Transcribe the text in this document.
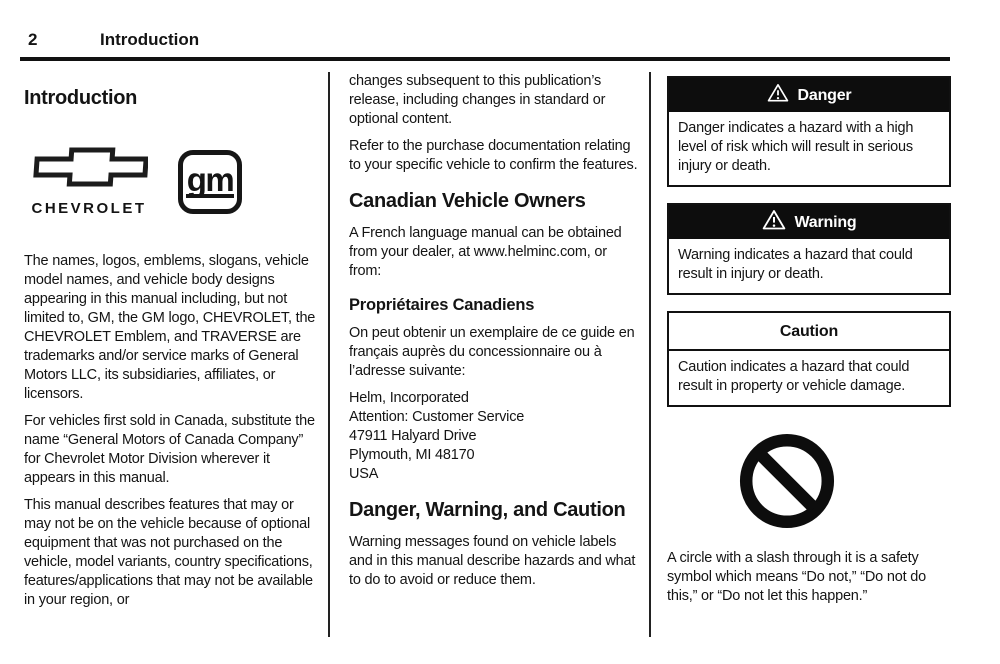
2	Introduction
Introduction
CHEVROLET
gm

The names, logos, emblems, slogans, vehicle model names, and vehicle body designs appearing in this manual including, but not limited to, GM, the GM logo, CHEVROLET, the CHEVROLET Emblem, and TRAVERSE are trademarks and/or service marks of General Motors LLC, its subsidiaries, affiliates, or licensors.

For vehicles first sold in Canada, substitute the name “General Motors of Canada Company” for Chevrolet Motor Division wherever it appears in this manual.

This manual describes features that may or may not be on the vehicle because of optional equipment that was not purchased on the vehicle, model variants, country specifications, features/applications that may not be available in your region, or

changes subsequent to this publication’s release, including changes in standard or optional content.

Refer to the purchase documentation relating to your specific vehicle to confirm the features.

Canadian Vehicle Owners

A French language manual can be obtained from your dealer, at www.helminc.com, or from:

Propriétaires Canadiens

On peut obtenir un exemplaire de ce guide en français auprès du concessionnaire ou à l’adresse suivante:

Helm, Incorporated
Attention: Customer Service
47911 Halyard Drive
Plymouth, MI 48170
USA
Danger, Warning, and Caution

Warning messages found on vehicle labels and in this manual describe hazards and what to do to avoid or reduce them.

Danger
Danger indicates a hazard with a high level of risk which will result in serious injury or death.
Warning
Warning indicates a hazard that could result in injury or death.
Caution
Caution indicates a hazard that could result in property or vehicle damage.
A circle with a slash through it is a safety symbol which means “Do not,” “Do not do this,” or “Do not let this happen.”
